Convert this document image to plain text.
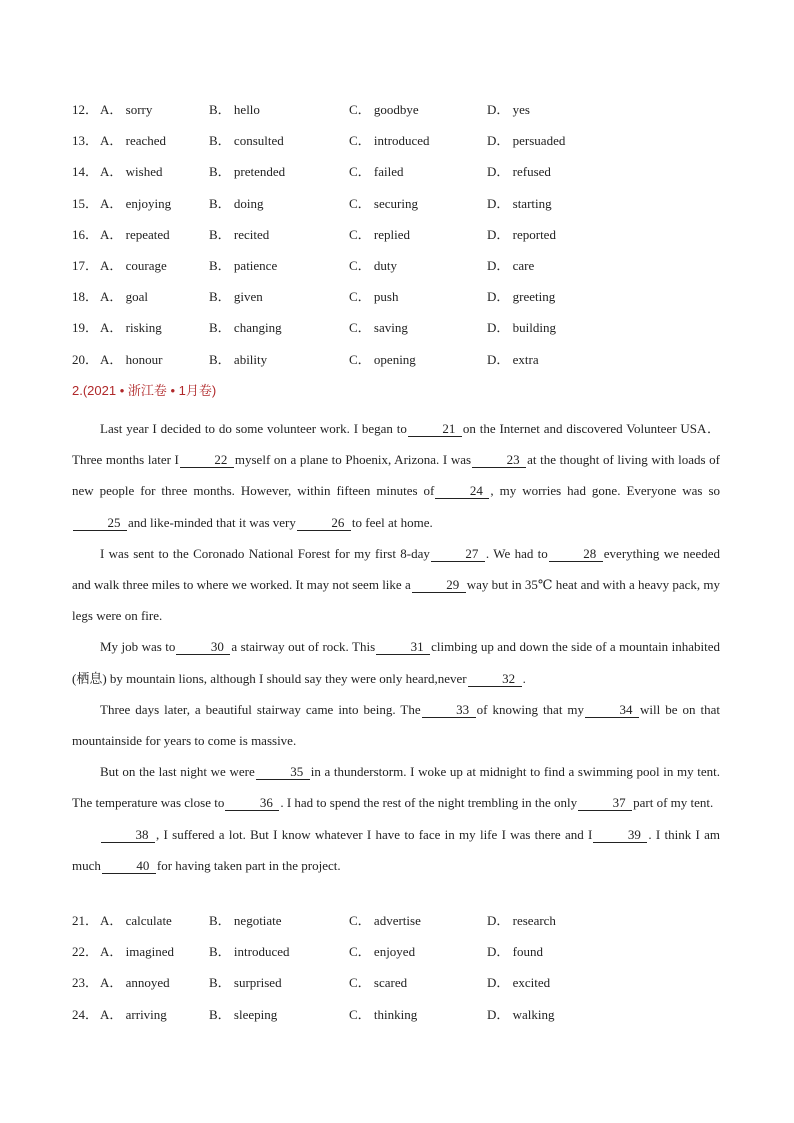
12． A． sorry	B． hello	C． goodbye	D． yes
13． A． reached	B． consulted	C． introduced	D． persuaded
14． A． wished	B． pretended	C． failed	D． refused
15． A． enjoying	B． doing	C． securing	D． starting
16． A． repeated	B． recited	C． replied	D． reported
17． A． courage	B． patience	C． duty	D． care
18． A． goal	B． given	C． push	D． greeting
19． A． risking	B． changing	C． saving	D． building
20． A． honour	B． ability	C． opening	D． extra
2.(2021 • 浙江卷 • 1月卷)

Last year I decided to do some volunteer work. I began to	21 on the Internet and discovered Volunteer USA． Three months later I	22 myself on a plane to Phoenix, Arizona. I was	23 at the thought of living with loads of new people for three months. However, within fifteen minutes of	24 , my worries had gone. Everyone was so25 and like-minded that it was very	26 to feel at home.

I was sent to the Coronado National Forest for my first 8-day	27 . We had to	28 everything we needed and walk three miles to where we worked. It may not seem like a	29 way but in 35℃ heat and with a heavy pack, my legs were on fire.

My job was to	30 a stairway out of rock. This	31 climbing up and down the side of a mountain inhabited (栖息) by mountain lions, although I should say they were only heard,never	32 .

Three days later, a beautiful stairway came into being. The	33 of knowing that my	34 will be on that mountainside for years to come is massive.

But on the last night we were	35 in a thunderstorm. I woke up at midnight to find a swimming pool in my tent. The temperature was close to	36 . I had to spend the rest of the night trembling in the only	37 part of my tent.

38 , I suffered a lot. But I know whatever I have to face in my life I was there and I	39 . I think I am much	40 for having taken part in the project.

21． A． calculate	B． negotiate	C． advertise	D． research
22． A． imagined	B． introduced	C． enjoyed	D． found
23． A． annoyed	B． surprised	C． scared	D． excited
24． A． arriving	B． sleeping	C． thinking	D． walking
